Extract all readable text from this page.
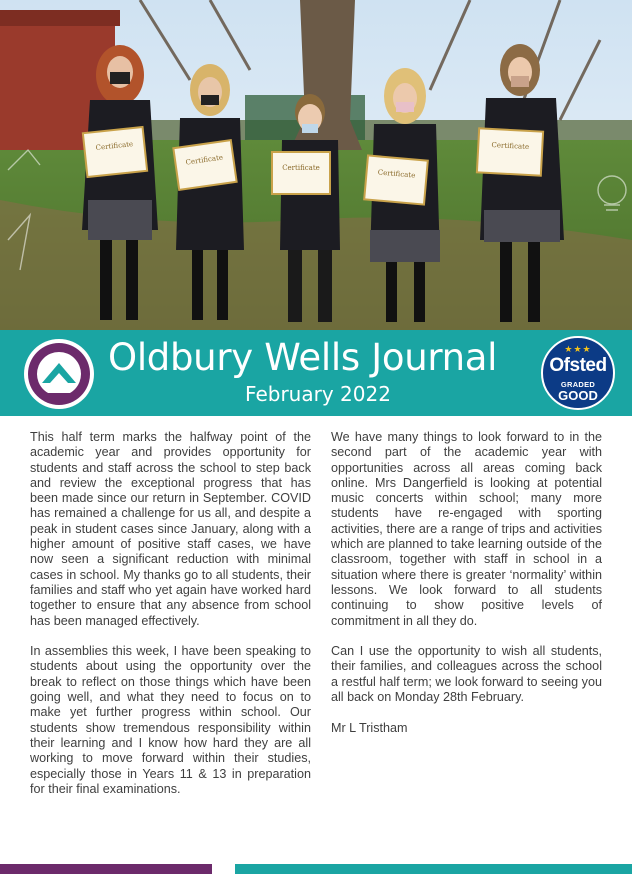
Certificate
Certificate
Certificate
Certificate
Certificate
Oldbury Wells Journal
February 2022
★★★
Ofsted
GRADED
GOOD

This half term marks the halfway point of the academic year and provides opportunity for students and staff across the school to step back and review the exceptional progress that has been made since our return in September. COVID has remained a challenge for us all, and despite a peak in student cases since January, along with a higher amount of positive staff cases, we have now seen a significant reduction with minimal cases in school. My thanks go to all students, their families and staff who yet again have worked hard together to ensure that any absence from school has been managed effectively.

In assemblies this week, I have been speaking to students about using the opportunity over the break to reflect on those things which have been going well, and what they need to focus on to make yet further progress within school. Our students show tremendous responsibility within their learning and I know how hard they are all working to move forward within their studies, especially those in Years 11 & 13 in preparation for their final examinations.

We have many things to look forward to in the second part of the academic year with opportunities across all areas coming back online. Mrs Dangerfield is looking at potential music concerts within school; many more students have re-engaged with sporting activities, there are a range of trips and activities which are planned to take learning outside of the classroom, together with staff in school in a situation where there is greater ‘normality’ within lessons. We look forward to all students continuing to show positive levels of commitment in all they do.

Can I use the opportunity to wish all students, their families, and colleagues across the school a restful half term; we look forward to seeing you all back on Monday 28th February.

Mr L Tristham
